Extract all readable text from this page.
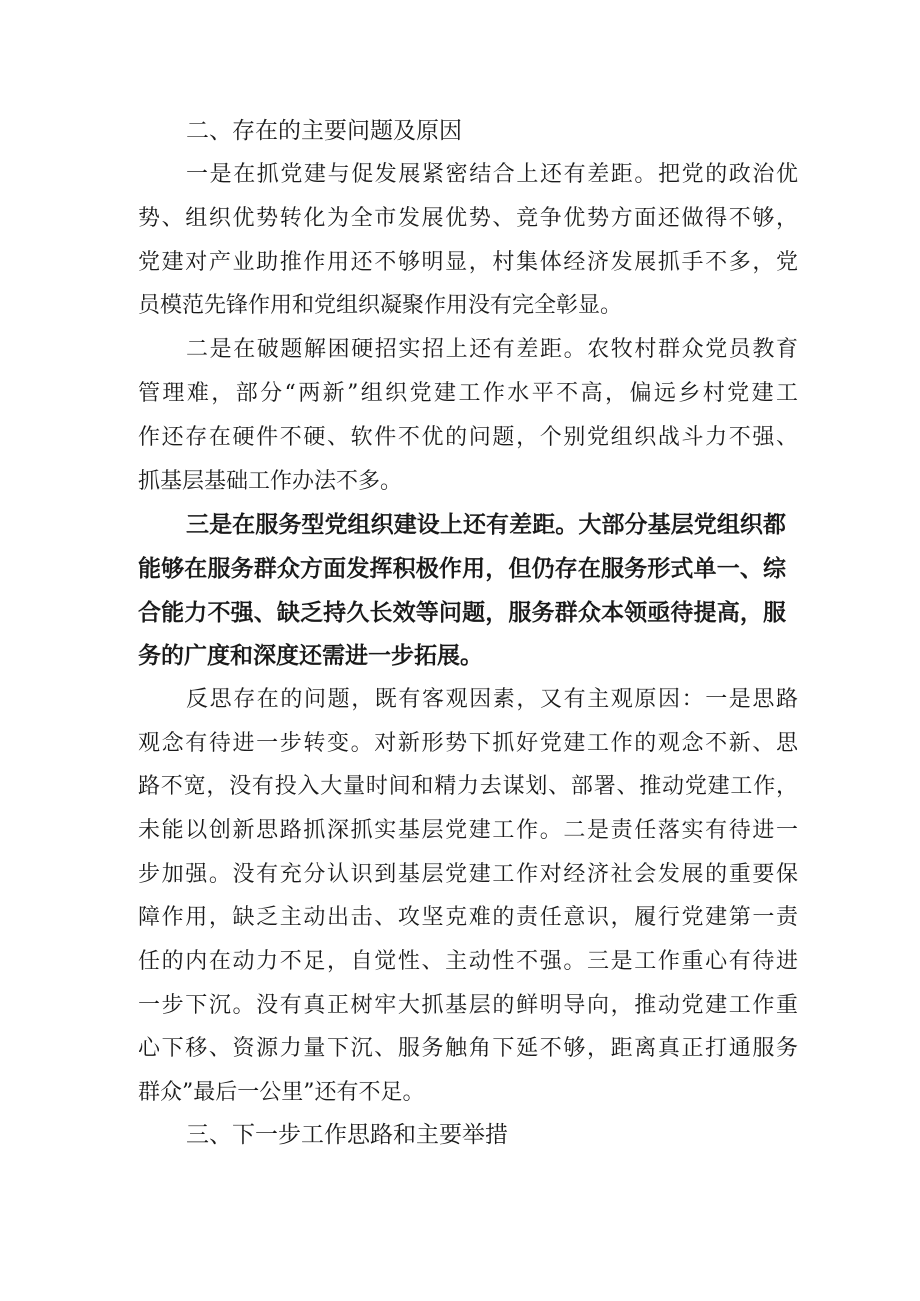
二、存在的主要问题及原因
一是在抓党建与促发展紧密结合上还有差距。把党的政治优
势、组织优势转化为全市发展优势、竞争优势方面还做得不够，
党建对产业助推作用还不够明显，村集体经济发展抓手不多，党
员模范先锋作用和党组织凝聚作用没有完全彰显。
二是在破题解困硬招实招上还有差距。农牧村群众党员教育
管理难，部分“两新”组织党建工作水平不高，偏远乡村党建工
作还存在硬件不硬、软件不优的问题，个别党组织战斗力不强、
抓基层基础工作办法不多。
三是在服务型党组织建设上还有差距。大部分基层党组织都
能够在服务群众方面发挥积极作用，但仍存在服务形式单一、综
合能力不强、缺乏持久长效等问题，服务群众本领亟待提高，服
务的广度和深度还需进一步拓展。
反思存在的问题，既有客观因素，又有主观原因：一是思路
观念有待进一步转变。对新形势下抓好党建工作的观念不新、思
路不宽，没有投入大量时间和精力去谋划、部署、推动党建工作，
未能以创新思路抓深抓实基层党建工作。二是责任落实有待进一
步加强。没有充分认识到基层党建工作对经济社会发展的重要保
障作用，缺乏主动出击、攻坚克难的责任意识，履行党建第一责
任的内在动力不足，自觉性、主动性不强。三是工作重心有待进
一步下沉。没有真正树牢大抓基层的鲜明导向，推动党建工作重
心下移、资源力量下沉、服务触角下延不够，距离真正打通服务
群众”最后一公里”还有不足。
三、下一步工作思路和主要举措
